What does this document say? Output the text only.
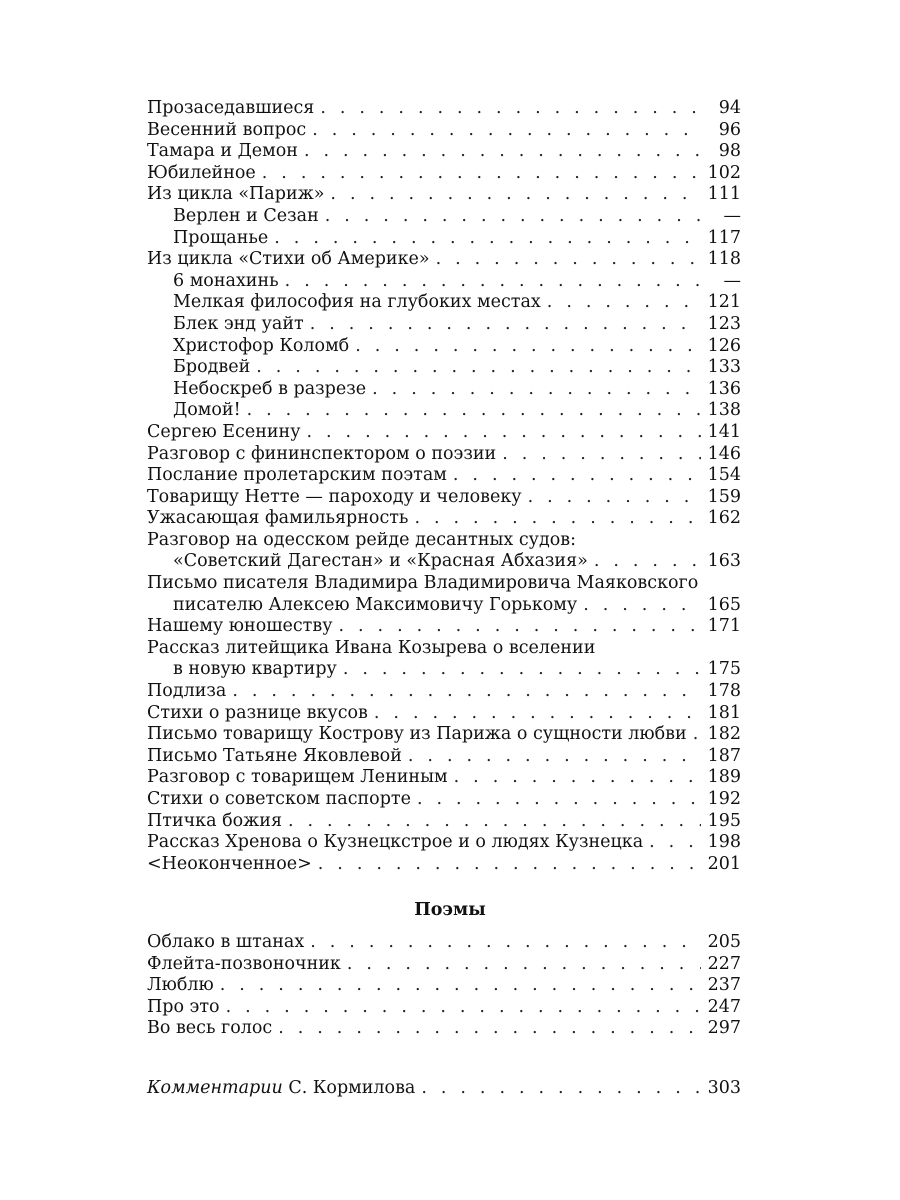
Прозаседавшиеся . . .	94
Весенний вопрос . . .	96
Тамара и Демон . . .	98
Юбилейное . . .	102
Из цикла «Париж» . . .	111
Верлен и Сезан . . .	—
Прощанье . . .	117
Из цикла «Стихи об Америке» . . .	118
6 монахинь . . .	—
Мелкая философия на глубоких местах . . .	121
Блек энд уайт . . .	123
Христофор Коломб . . .	126
Бродвей . . .	133
Небоскреб в разрезе . . .	136
Домой! . . .	138
Сергею Есенину . . .	141
Разговор с фининспектором о поэзии . . .	146
Послание пролетарским поэтам . . .	154
Товарищу Нетте — пароходу и человеку . . .	159
Ужасающая фамильярность . . .	162
Разговор на одесском рейде десантных судов:
«Советский Дагестан» и «Красная Абхазия» . . .	163
Письмо писателя Владимира Владимировича Маяковского
писателю Алексею Максимовичу Горькому . . .	165
Нашему юношеству . . .	171
Рассказ литейщика Ивана Козырева о вселении
в новую квартиру . . .	175
Подлиза . . .	178
Стихи о разнице вкусов . . .	181
Письмо товарищу Кострову из Парижа о сущности любви . . . 182
Письмо Татьяне Яковлевой . . .	187
Разговор с товарищем Лениным . . .	189
Стихи о советском паспорте . . .	192
Птичка божия . . .	195
Рассказ Хренова о Кузнецкстрое и о людях Кузнецка . . .	198
<Неоконченное> . . .	201
Поэмы
Облако в штанах . . .	205
Флейта-позвоночник . . .	227
Люблю . . .	237
Про это . . .	247
Во весь голос . . .	297
Комментарии С. Кормилова . . .	303
